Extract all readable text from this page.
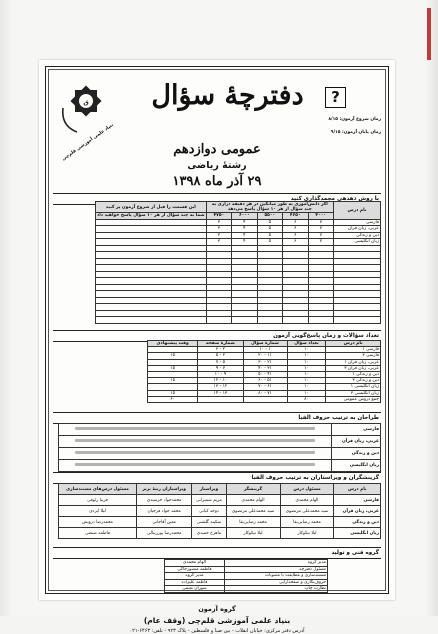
ق
بنیاد علمی آموزشی قلم‌چی
?
دفترچهٔ سؤال
زمان شروع آزمون: ۸/۱۵
زمان پایان آزمون: ۹/۱۵
عمومی دوازدهم
رشتهٔ ریاضی
۲۹ آذر ماه ۱۳۹۸
با روش دهدهی مجمدگذاری کنید
نام درس	اگر دانش‌آموزی به طور میانگین در هر دقیقه درازی به چند سؤال از هر ۱۰ سؤال پاسخ می‌دهد					این قسمت را قبل از شروع آزمون پر کنید
	۴۰۰۰	۴۶۵۰	۵۵۰۰	۶۰۰۰	۴۷۵۰	شما به چند سؤال از هر ۱۰ سؤال پاسخ خواهید داد
فارسی	۷	۶	۵	۴	۳	
عربی، زبان قرآن	۷	۶	۵	۴	۳	
دین و زندگی	۷	۶	۵	۴	۳	
زبان انگلیسی	۷	۶	۵	۴	۳	

تعداد سؤالات و زمان پاسخ‌گویی آزمون
نام درس	تعداد سؤال	شمارهٔ سؤال	شمارهٔ صفحه	وقت پیشنهادی
فارسی ۱	۱۰	۱ - ۱۰	۲ - ۳	
فارسی ۳	۱۰	۱۱ - ۲۰	۳ - ۵	۱۵
عربی، زبان قرآن ۱	۱۰	۲۱ - ۳۰	۵ - ۷	
عربی، زبان قرآن ۳	۱۰	۳۱ - ۴۰	۷ - ۹	۱۵
دین و زندگی ۱	۱۰	۴۱ - ۵۰	۹ - ۱۰	
دین و زندگی ۳	۱۰	۵۱ - ۶۰	۱۰ - ۱۲	۱۵
زبان انگلیسی ۱	۱۰	۶۱ - ۷۰	۱۲ - ۱۳	
زبان انگلیسی ۳	۱۰	۷۱ - ۸۰	۱۳ - ۱۴	۱۵
جمع دروس عمومی	۸۰			۶۰
طراحان به ترتیب حروف الفبا
فارسی	
عربی، زبان قرآن	
دین و زندگی	
زبان انگلیسی	
گزینشگران و ویراستاران به ترتیب حروف الفبا
نام درس	مسئول درس	گزینشگر	ویراستار	ویراستاران رتبهٔ برتر	مسئول درس‌های مستندسازی
فارسی	الهام محمدی	الهام محمدی	مریم شمیرانی	محمدجواد خرسندی	فریبا رئوفی
عربی، زبان قرآن	سید محمدعلی مرتضوی	سید محمدعلی مرتضوی	دوحه کیانی	محمد جواد فرجیان	لیلا ایزدی
دین و زندگی	محمد رضایی‌بقا	محمد رضایی‌بقا	سکینه گلشنی	معین آقاجانی	محمدرضا درویش
زبان انگلیسی	لیلا نیکوکار	لیلا نیکوکار	ماهرخ حمیدی	محمدرضا پورزینالی	فاطمه صنعتی
گروه فنی و تولید
مدیر گروه	الهام محمدی
مسئول دفترچه	فاطمه منصورخاکی
مستندسازی و مطابقت با مصوبات	مدیر گروه
حروف‌نگاری و صفحه‌آرایی	فاطمه علیزاده
نظارت چاپ	سوران نعیمی
گروه آزمون
بنیاد علمی آموزشی قلم‌چی (وقف عام)
آدرس دفتر مرکزی: خیابان انقلاب - بین صبا و فلسطین - پلاک ۹۲۳ - تلفن: ۶۴۶۳-۰۲۱
